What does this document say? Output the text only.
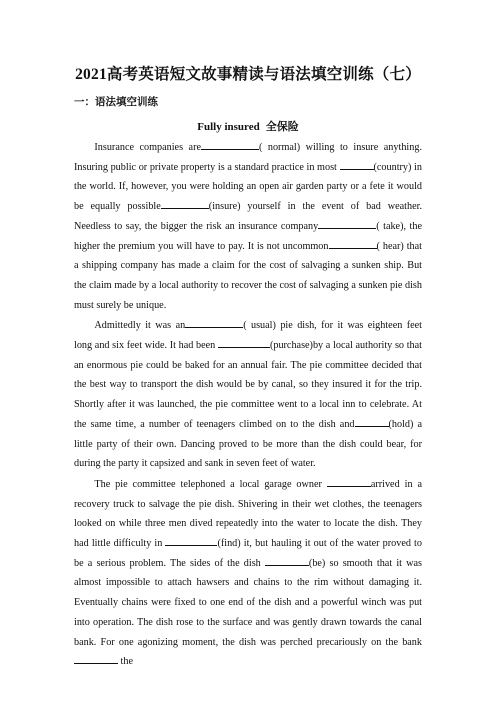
2021高考英语短文故事精读与语法填空训练（七）
一：语法填空训练
Fully insured 全保险

Insurance companies are	( normal) willing to insure anything. Insuring public or private property is a standard practice in most	(country) in the world. If, however, you were holding an open air garden party or a fete it would be equally possible	(insure) yourself in the event of bad weather. Needless to say, the bigger the risk an insurance company	( take), the higher the premium you will have to pay. It is not uncommon	( hear) that a shipping company has made a claim for the cost of salvaging a sunken ship. But the claim made by a local authority to recover the cost of salvaging a sunken pie dish must surely be unique.

Admittedly it was an	( usual) pie dish, for it was eighteen feet long and six feet wide. It had been	(purchase)by a local authority so that an enormous pie could be baked for an annual fair. The pie committee decided that the best way to transport the dish would be by canal, so they insured it for the trip. Shortly after it was launched, the pie committee went to a local inn to celebrate. At the same time, a number of teenagers climbed on to the dish and	(hold) a little party of their own. Dancing proved to be more than the dish could bear, for during the party it capsized and sank in seven feet of water.

The pie committee telephoned a local garage owner	arrived in a recovery truck to salvage the pie dish. Shivering in their wet clothes, the teenagers looked on while three men dived repeatedly into the water to locate the dish. They had little difficulty in	(find) it, but hauling it out of the water proved to be a serious problem. The sides of the dish	(be) so smooth that it was almost impossible to attach hawsers and chains to the rim without damaging it. Eventually chains were fixed to one end of the dish and a powerful winch was put into operation. The dish rose to the surface and was gently drawn towards the canal bank. For one agonizing moment, the dish was perched precariously on the bank the
